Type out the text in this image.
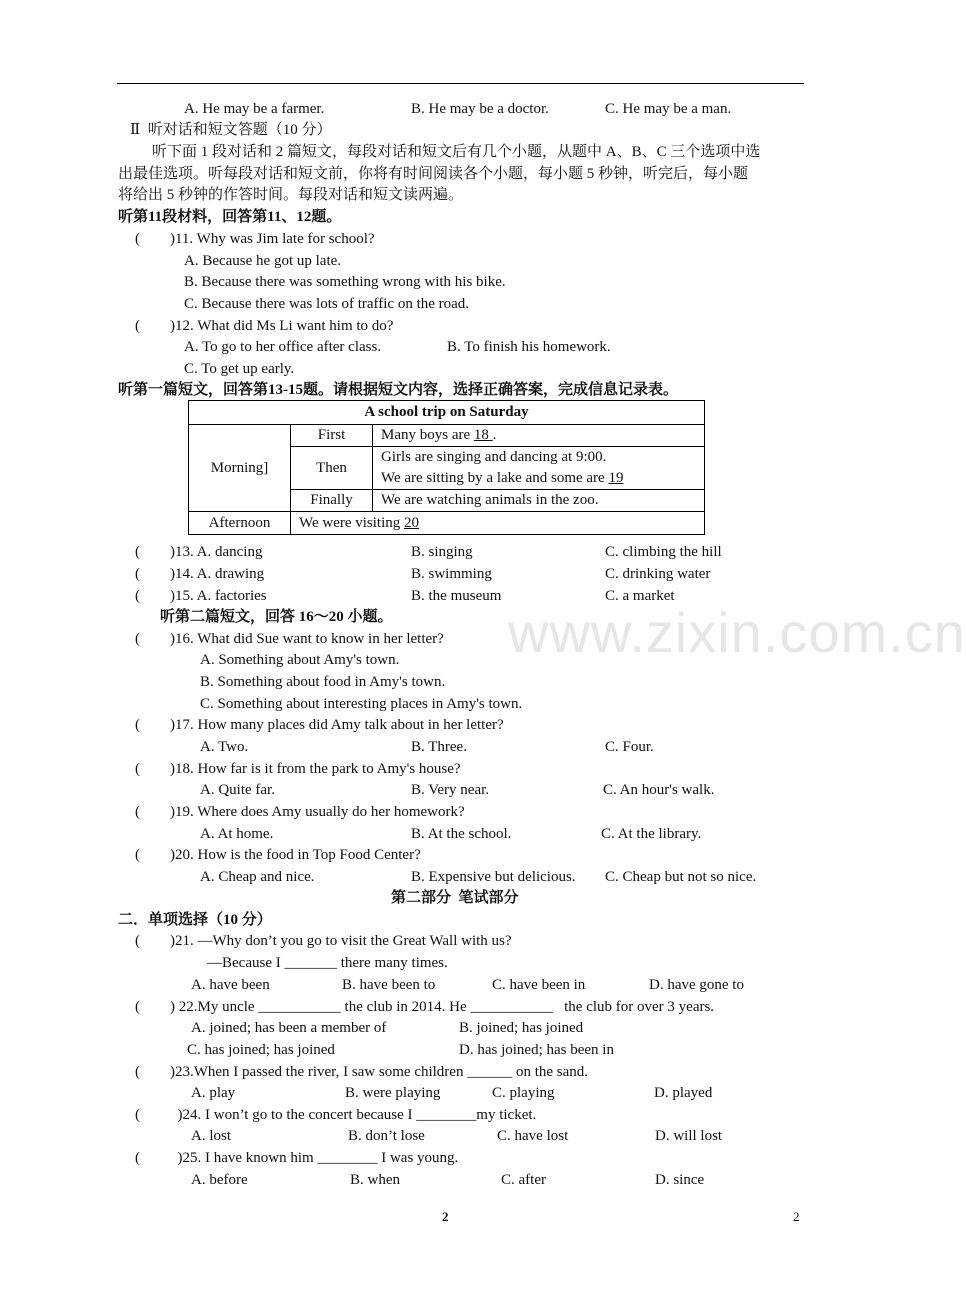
www.zixin.com.cn
A. He may be a farmer.	B. He may be a doctor.	C. He may be a man.
Ⅱ  听对话和短文答题（10 分）
听下面 1 段对话和 2 篇短文，每段对话和短文后有几个小题，从题中 A、B、C 三个选项中选
出最佳选项。听每段对话和短文前，你将有时间阅读各个小题，每小题 5 秒钟，听完后，每小题
将给出 5 秒钟的作答时间。每段对话和短文读两遍。
听第11段材料，回答第11、12题。
(        )11. Why was Jim late for school?
A. Because he got up late.
B. Because there was something wrong with his bike.
C. Because there was lots of traffic on the road.
(        )12. What did Ms Li want him to do?
A. To go to her office after class.	B. To finish his homework.
C. To get up early.
听第一篇短文，回答第13-15题。请根据短文内容，选择正确答案，完成信息记录表。
A school trip on Saturday		
Morning]	First	Many boys are 18 .
	Then	Girls are singing and dancing at 9:00.
We are sitting by a lake and some are 19
	Finally	We are watching animals in the zoo.
Afternoon	We were visiting 20	
(        )13. A. dancing	B. singing	C. climbing the hill
(        )14. A. drawing	B. swimming	C. drinking water
(        )15. A. factories	B. the museum	C. a market
听第二篇短文，回答 16～20 小题。
(        )16. What did Sue want to know in her letter?
A. Something about Amy's town.
B. Something about food in Amy's town.
C. Something about interesting places in Amy's town.
(        )17. How many places did Amy talk about in her letter?
A. Two.	B. Three.	C. Four.
(        )18. How far is it from the park to Amy's house?
A. Quite far.	B. Very near.	C. An hour's walk.
(        )19. Where does Amy usually do her homework?
A. At home.	B. At the school.	C. At the library.
(        )20. How is the food in Top Food Center?
A. Cheap and nice.	B. Expensive but delicious. C. Cheap but not so nice.
第二部分  笔试部分
二．单项选择（10 分）
(        )21. —Why don’t you go to visit the Great Wall with us?
—Because I _______ there many times.
A. have been	B. have been to	C. have been in	D. have gone to
(        ) 22.My uncle ___________ the club in 2014. He ___________   the club for over 3 years.
A. joined; has been a member of	B. joined; has joined
C. has joined; has joined	D. has joined; has been in
(        )23.When I passed the river, I saw some children ______ on the sand.
A. play	B. were playing	C. playing	D. played
(          )24. I won’t go to the concert because I ________my ticket.
A. lost	B. don’t lose	C. have lost	D. will lost
(          )25. I have known him ________ I was young.
A. before	B. when	C. after	D. since
2	2
